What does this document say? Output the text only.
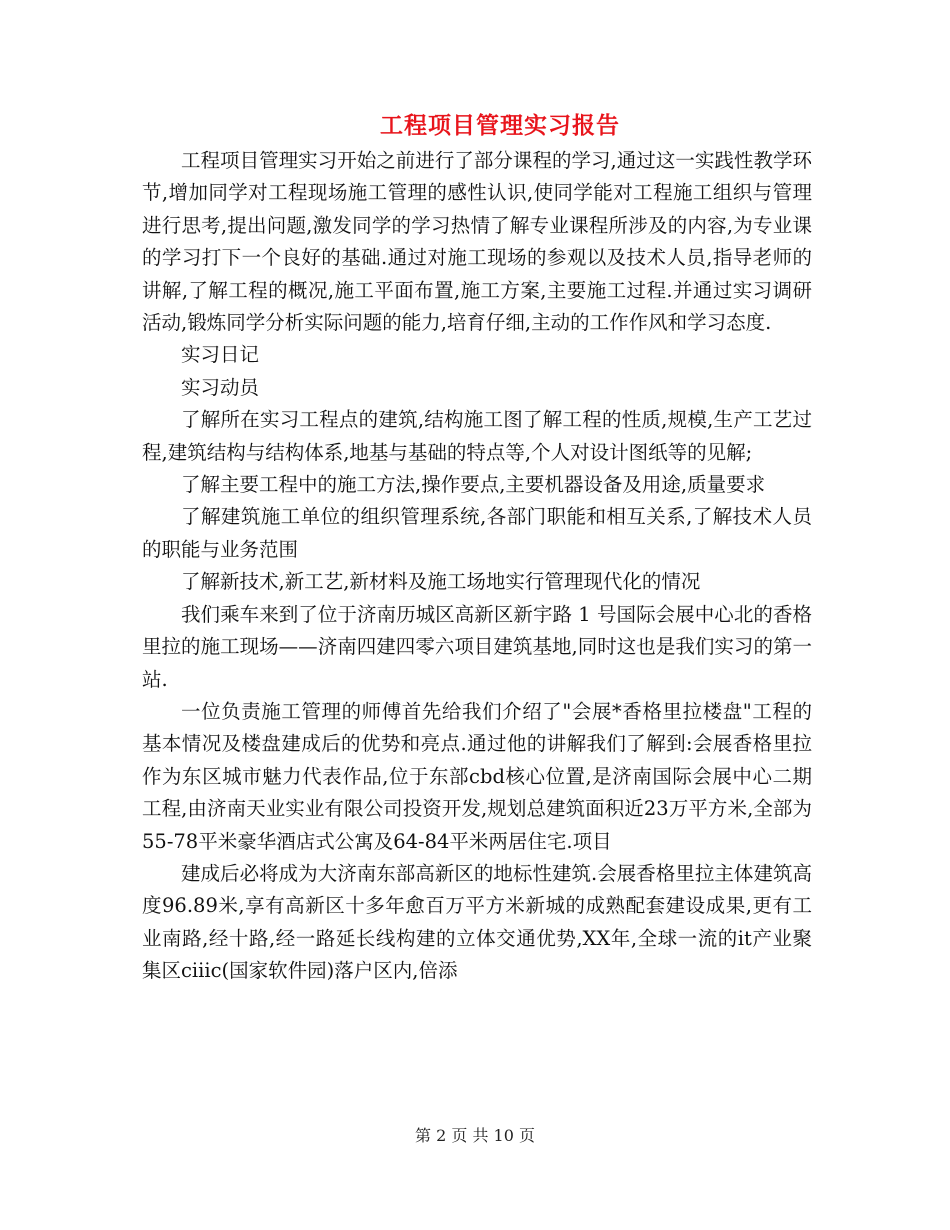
工程项目管理实习报告

工程项目管理实习开始之前进行了部分课程的学习,通过这一实践性教学环节,增加同学对工程现场施工管理的感性认识,使同学能对工程施工组织与管理进行思考,提出问题,激发同学的学习热情了解专业课程所涉及的内容,为专业课的学习打下一个良好的基础.通过对施工现场的参观以及技术人员,指导老师的讲解,了解工程的概况,施工平面布置,施工方案,主要施工过程.并通过实习调研活动,锻炼同学分析实际问题的能力,培育仔细,主动的工作作风和学习态度.

实习日记

实习动员

了解所在实习工程点的建筑,结构施工图了解工程的性质,规模,生产工艺过程,建筑结构与结构体系,地基与基础的特点等,个人对设计图纸等的见解;

了解主要工程中的施工方法,操作要点,主要机器设备及用途,质量要求

了解建筑施工单位的组织管理系统,各部门职能和相互关系,了解技术人员的职能与业务范围

了解新技术,新工艺,新材料及施工场地实行管理现代化的情况

我们乘车来到了位于济南历城区高新区新宇路 1 号国际会展中心北的香格里拉的施工现场——济南四建四零六项目建筑基地,同时这也是我们实习的第一站.

一位负责施工管理的师傅首先给我们介绍了"会展*香格里拉楼盘"工程的基本情况及楼盘建成后的优势和亮点.通过他的讲解我们了解到:会展香格里拉作为东区城市魅力代表作品,位于东部cbd核心位置,是济南国际会展中心二期工程,由济南天业实业有限公司投资开发,规划总建筑面积近23万平方米,全部为55-78平米豪华酒店式公寓及64-84平米两居住宅.项目

建成后必将成为大济南东部高新区的地标性建筑.会展香格里拉主体建筑高度96.89米,享有高新区十多年愈百万平方米新城的成熟配套建设成果,更有工业南路,经十路,经一路延长线构建的立体交通优势,XX年,全球一流的it产业聚集区ciiic(国家软件园)落户区内,倍添

第 2 页 共 10 页
